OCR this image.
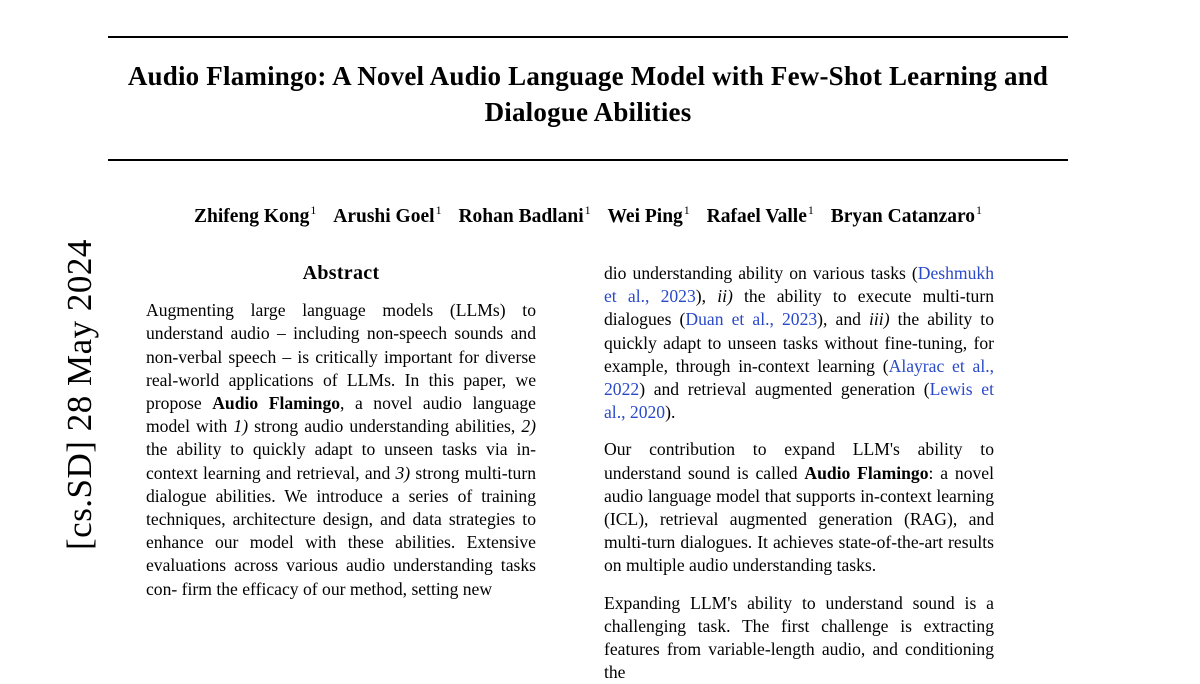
[cs.SD] 28 May 2024
Audio Flamingo: A Novel Audio Language Model with Few-Shot Learning and Dialogue Abilities
Zhifeng Kong$^1$ Arushi Goel$^1$ Rohan Badlani$^1$ Wei Ping$^1$ Rafael Valle$^1$ Bryan Catanzaro$^1$
Abstract

Augmenting large language models (LLMs) to understand audio – including non-speech sounds and non-verbal speech – is critically important for diverse real-world applications of LLMs. In this paper, we propose Audio Flamingo, a novel audio language model with 1) strong audio understanding abilities, 2) the ability to quickly adapt to unseen tasks via in-context learning and retrieval, and 3) strong multi-turn dialogue abilities. We introduce a series of training techniques, architecture design, and data strategies to enhance our model with these abilities. Extensive evaluations across various audio understanding tasks con- firm the efficacy of our method, setting new

dio understanding ability on various tasks (Deshmukh et al., 2023), ii) the ability to execute multi-turn dialogues (Duan et al., 2023), and iii) the ability to quickly adapt to unseen tasks without fine-tuning, for example, through in-context learning (Alayrac et al., 2022) and retrieval augmented generation (Lewis et al., 2020).

Our contribution to expand LLM's ability to understand sound is called Audio Flamingo: a novel audio language model that supports in-context learning (ICL), retrieval augmented generation (RAG), and multi-turn dialogues. It achieves state-of-the-art results on multiple audio understanding tasks.

Expanding LLM's ability to understand sound is a challenging task. The first challenge is extracting features from variable-length audio, and conditioning the
